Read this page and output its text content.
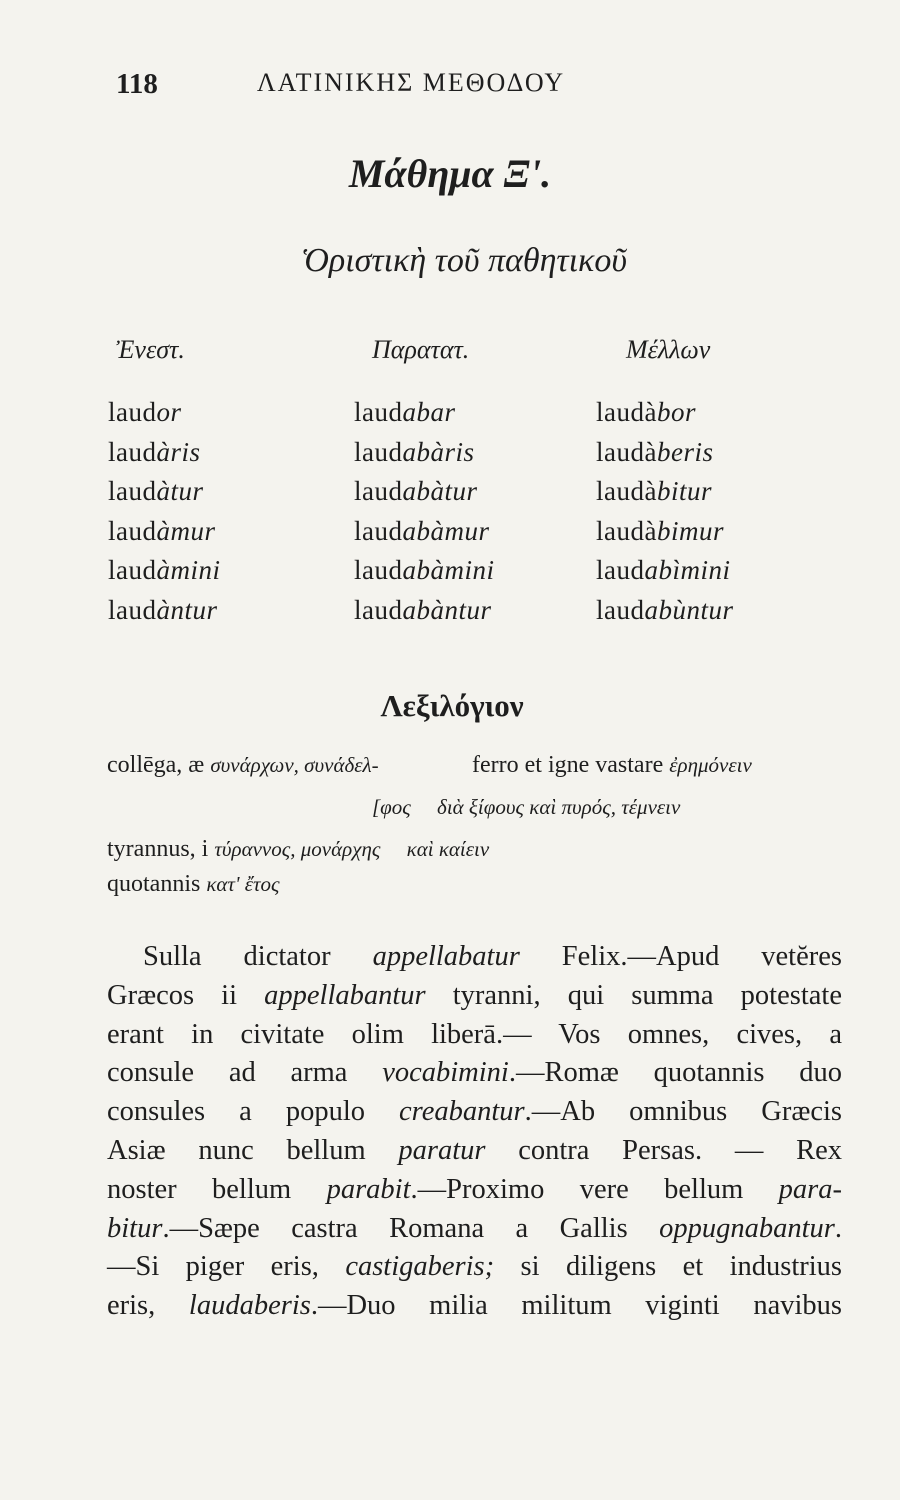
118	ΛΑΤΙΝΙΚΗΣ ΜΕΘΟΔΟΥ
Μάθημα Ξ'.
Ὁριστικὴ τοῦ παθητικοῦ
Ἐνεστ.
laudor
laudàris
laudàtur
laudàmur
laudàmini
laudàntur
Παρατατ.
laudabar
laudabàris
laudabàtur
laudabàmur
laudabàmini
laudabàntur
Μέλλων
laudàbor
laudàberis
laudàbitur
laudàbimur
laudabìmini
laudabùntur
Λεξιλόγιον
collēga, æ συνάρχων, συνάδελ-	ferro et igne vastare ἐρημόνειν
[φος     διὰ ξίφους καὶ πυρός, τέμνειν
tyrannus, i τύραννος, μονάρχης     καὶ καίειν
quotannis κατ' ἔτος
Sulla dictator appellabatur Felix.—Apud vetĕres
Græcos ii appellabantur tyranni, qui summa potestate
erant in civitate olim liberā.— Vos omnes, cives, a
consule ad arma vocabimini.—Romæ quotannis duo
consules a populo creabantur.—Ab omnibus Græcis
Asiæ nunc bellum paratur contra Persas. — Rex
noster bellum parabit.—Proximo vere bellum para-
bitur.—Sæpe castra Romana a Gallis oppugnabantur.
—Si piger eris, castigaberis; si diligens et industrius
eris, laudaberis.—Duo milia militum viginti navibus
